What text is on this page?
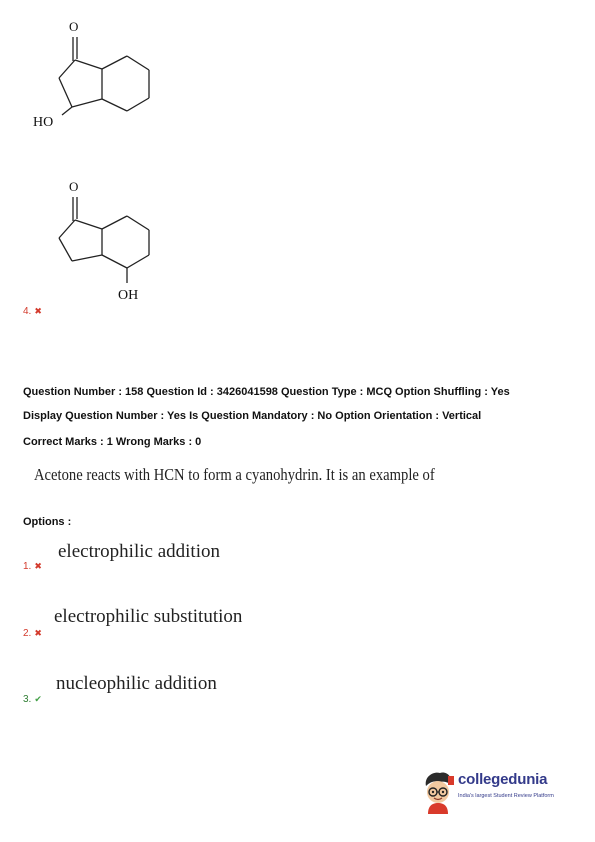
O
HO
O
OH
4. ✖
Question Number : 158 Question Id : 3426041598 Question Type : MCQ Option Shuffling : Yes
Display Question Number : Yes Is Question Mandatory : No Option Orientation : Vertical
Correct Marks : 1 Wrong Marks : 0
Acetone reacts with HCN to form a cyanohydrin. It is an example of
Options :
electrophilic addition
1. ✖
electrophilic substitution
2. ✖
nucleophilic addition
3. ✔
collegedunia
India's largest Student Review Platform
